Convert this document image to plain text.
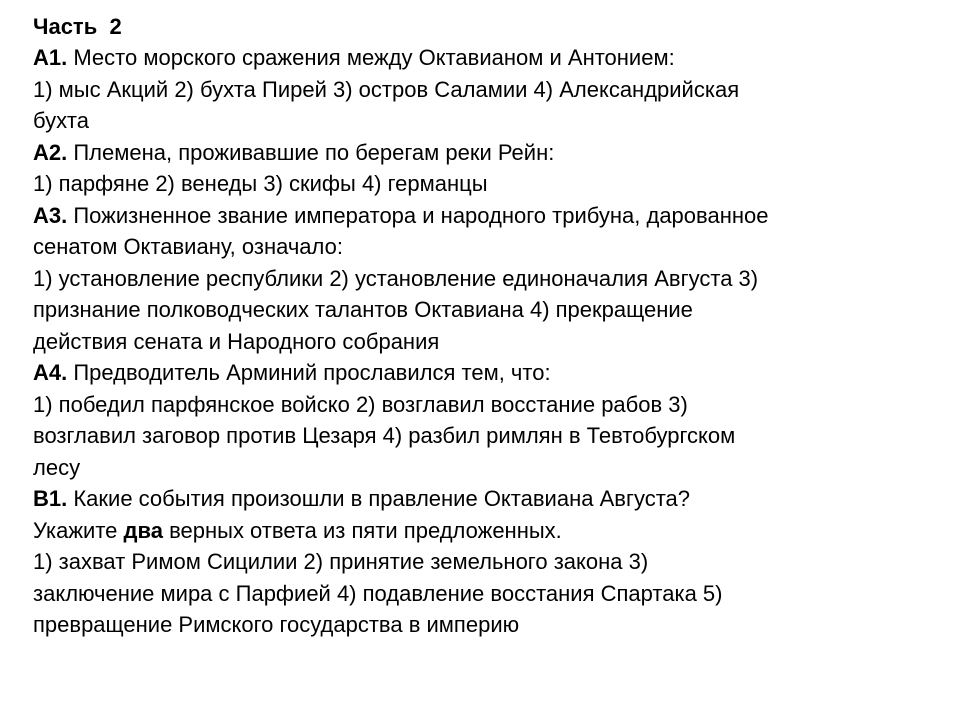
Часть  2
А1. Место морского сражения между Октавианом и Антонием:
1) мыс Акций 2) бухта Пирей 3) остров Саламии 4) Александрийская
бухта
А2. Племена, проживавшие по берегам реки Рейн:
1) парфяне 2) венеды 3) скифы 4) германцы
А3. Пожизненное звание императора и народного трибуна, дарованное
сенатом Октавиану, означало:
1) установление республики 2) установление единоначалия Августа 3)
признание полководческих талантов Октавиана 4) прекращение
действия сената и Народного собрания
А4. Предводитель Арминий прославился тем, что:
1) победил парфянское войско 2) возглавил восстание рабов 3)
возглавил заговор против Цезаря 4) разбил римлян в Тевтобургском
лесу
В1. Какие события произошли в правление Октавиана Августа?
Укажите два верных ответа из пяти предложенных.
1) захват Римом Сицилии 2) принятие земельного закона 3)
заключение мира с Парфией 4) подавление восстания Спартака 5)
превращение Римского государства в империю
